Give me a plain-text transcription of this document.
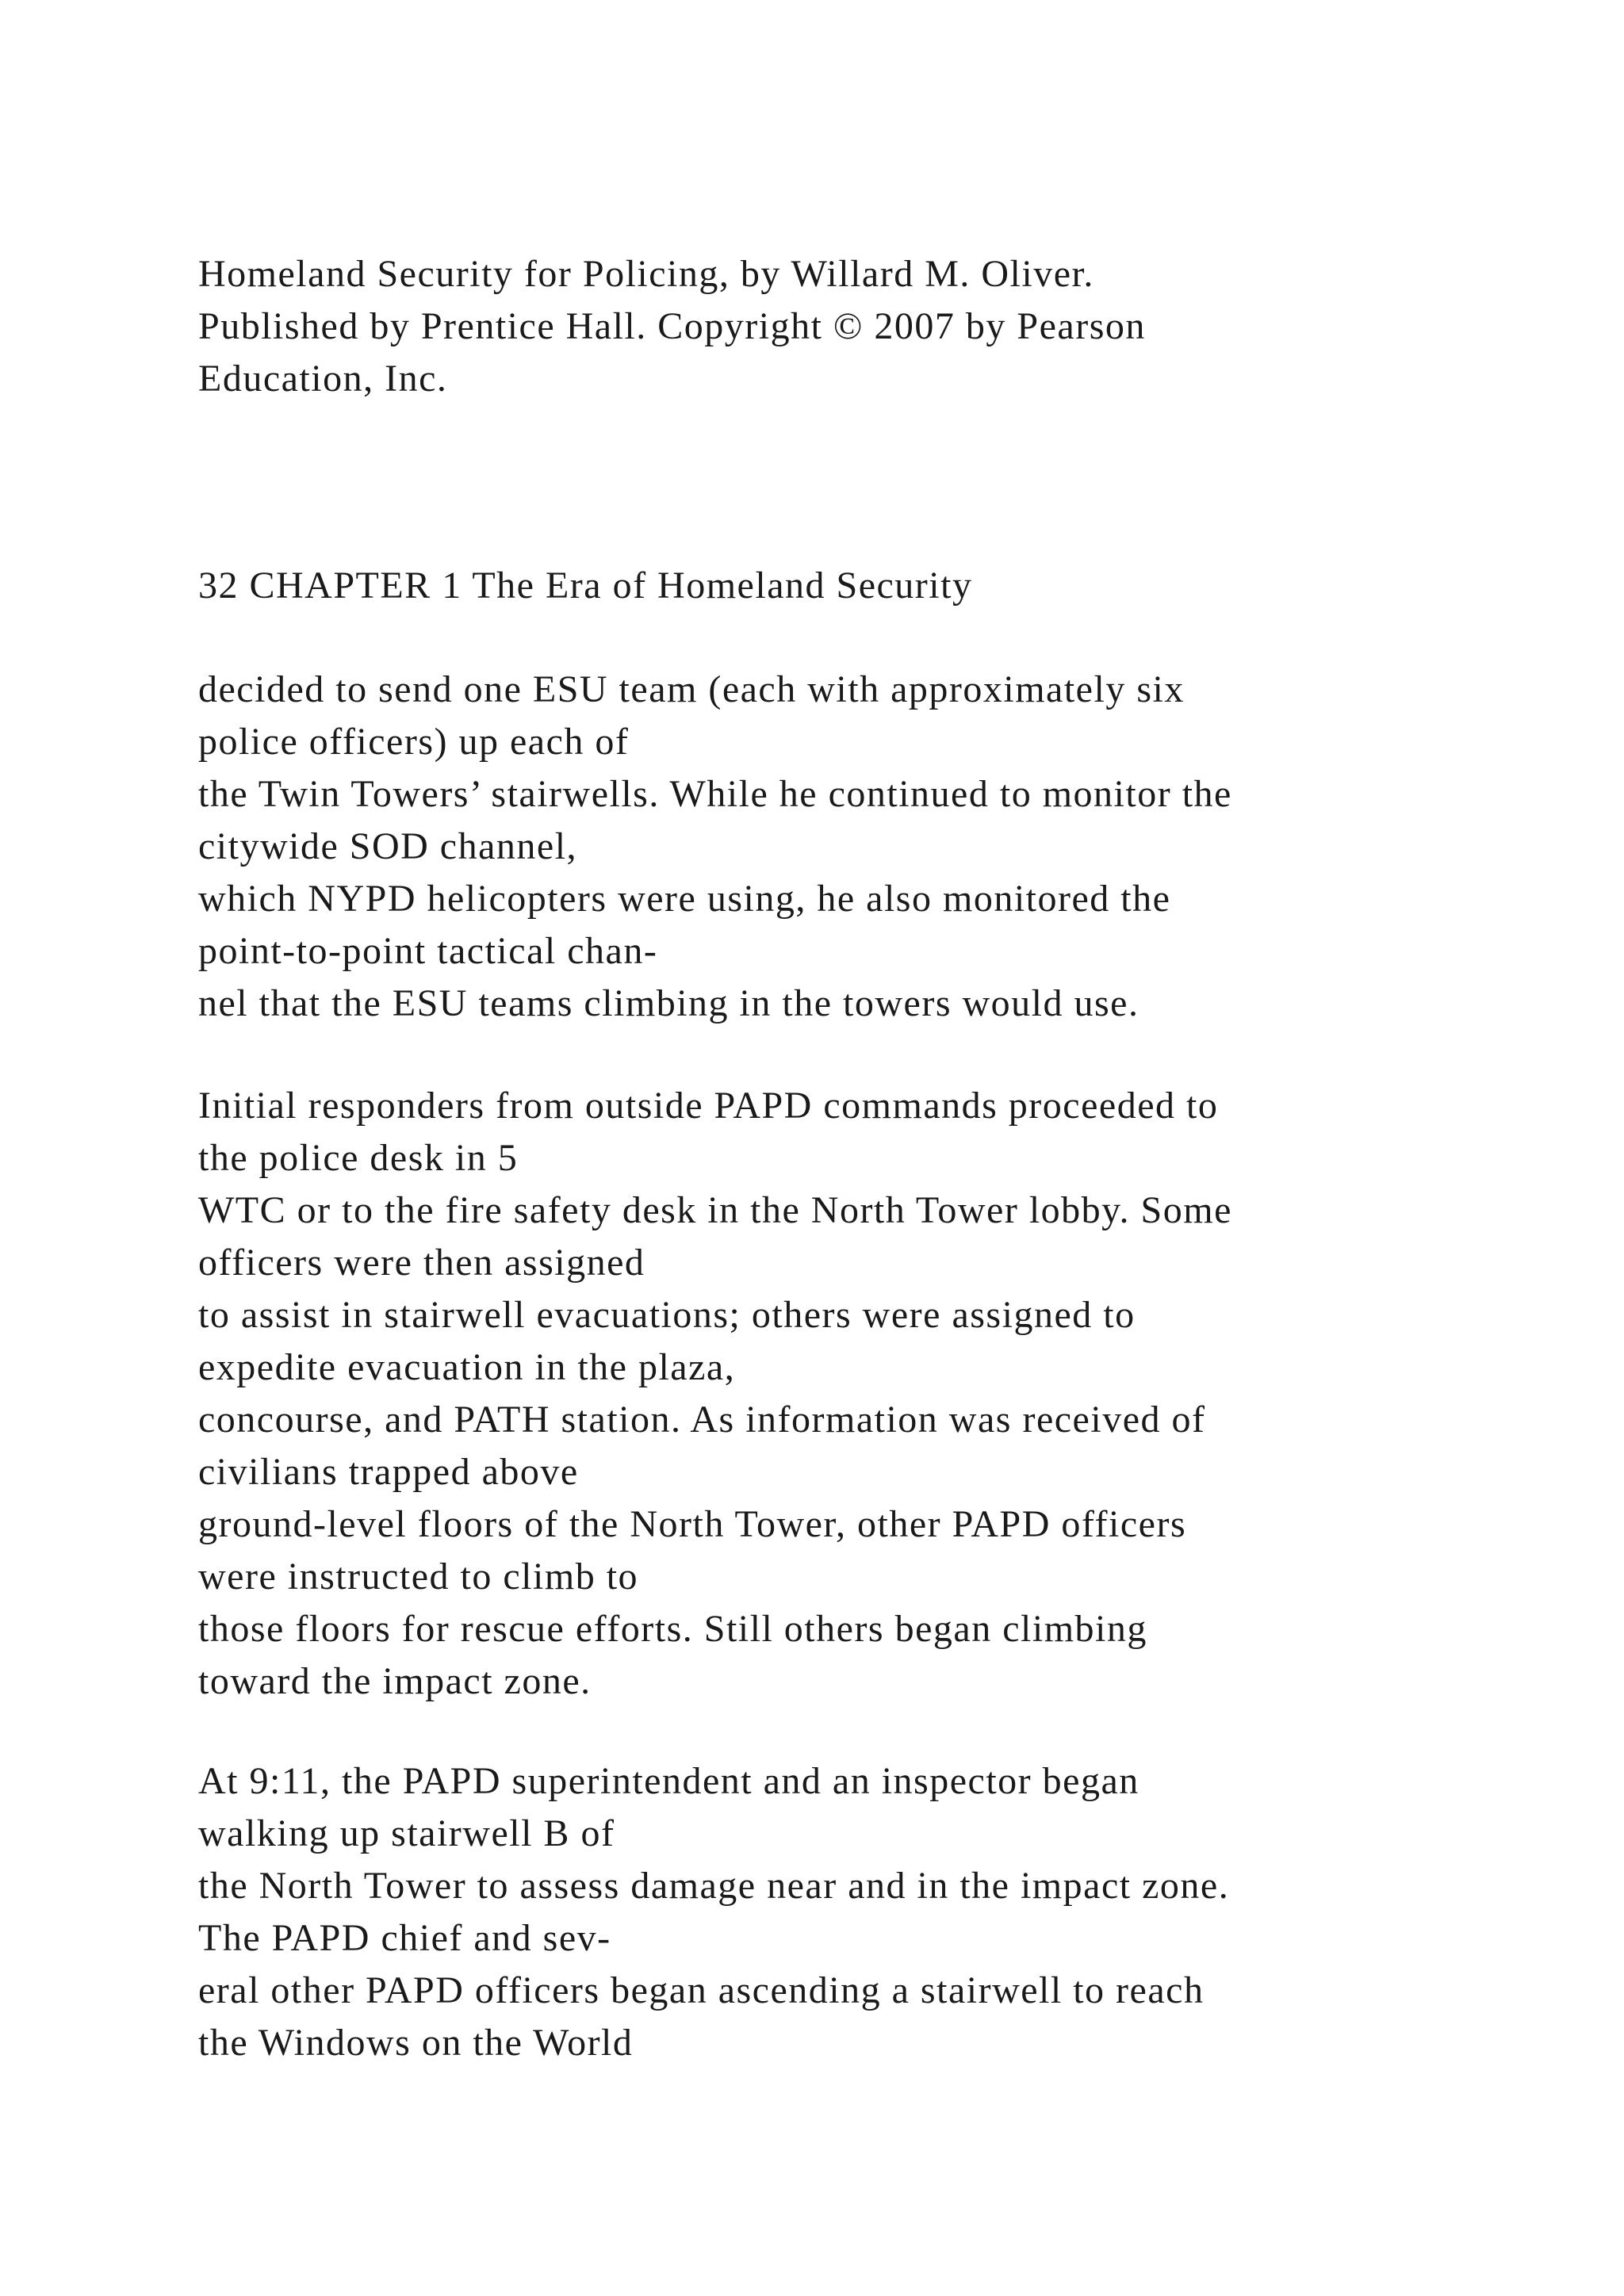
Homeland Security for Policing, by Willard M. Oliver.
Published by Prentice Hall. Copyright © 2007 by Pearson
Education, Inc.
32 CHAPTER 1 The Era of Homeland Security
decided to send one ESU team (each with approximately six
police officers) up each of
the Twin Towers’ stairwells. While he continued to monitor the
citywide SOD channel,
which NYPD helicopters were using, he also monitored the
point-to-point tactical chan-
nel that the ESU teams climbing in the towers would use.
Initial responders from outside PAPD commands proceeded to
the police desk in 5
WTC or to the fire safety desk in the North Tower lobby. Some
officers were then assigned
to assist in stairwell evacuations; others were assigned to
expedite evacuation in the plaza,
concourse, and PATH station. As information was received of
civilians trapped above
ground-level floors of the North Tower, other PAPD officers
were instructed to climb to
those floors for rescue efforts. Still others began climbing
toward the impact zone.
At 9:11, the PAPD superintendent and an inspector began
walking up stairwell B of
the North Tower to assess damage near and in the impact zone.
The PAPD chief and sev-
eral other PAPD officers began ascending a stairwell to reach
the Windows on the World
